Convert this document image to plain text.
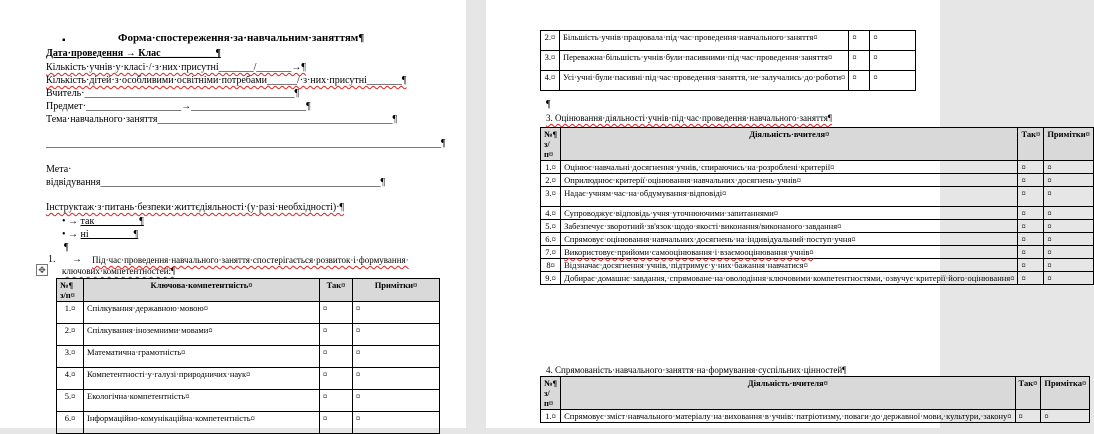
▪	Форма·спостереження·за·навчальним·заняттям¶
Дата·проведення → Клас___________¶
Кількість·учнів·у·класі·/·з·них·присутні_______/_______→¶
Кількість·дітей·з·особливими·освітніми·потребами______/·з·них·присутні_______¶
Вчитель·__________________________________________¶
Предмет·___________________→_______________________¶
Тема·навчального·заняття_______________________________________________¶
_______________________________________________________________________________¶
Мета·
відвідування________________________________________________________¶
Інструктаж·з·питань·безпеки·життєдіяльності·(у·разі·необхідності)·¶
• → так_________¶
• → ні_________¶
¶
1. → Під·час·проведення·навчального·заняття·спостерігається·розвиток·і·формування·
ключових·компетентностей:¶
✥
№¶ з/п¤	Ключова·компетентність¤	Так¤	Примітки¤
1.¤	Спілкування·державною·мовою¤	¤	¤
2.¤	Спілкування·іноземними·мовами¤	¤	¤
3.¤	Математична·грамотність¤	¤	¤
4.¤	Компетентності·у·галузі·природничих·наук¤	¤	¤
5.¤	Екологічна·компетентність¤	¤	¤
6.¤	Інформаційно-комунікаційна·компетентність¤	¤	¤
2.¤	Більшість·учнів·працювала·під·час·проведення·навчального·заняття¤	¤	¤
3.¤	Переважна·більшість·учнів·були·пасивними·під·час·проведення·заняття¤	¤	¤
4.¤	Усі·учні·були·пасивні·під·час·проведення·заняття,·не·залучались·до·роботи¤	¤	¤
¶
3. Оцінювання·діяльності·учнів·під·час·проведення·навчального·заняття¶
№¶ з/п¤	Діяльність·вчителя¤	Так¤	Примітки¤
1.¤	Оцінює·навчальні·досягнення·учнів,·спираючись·на·розроблені·критерії¤	¤	¤
2.¤	Оприлюднює·критерії·оцінювання·навчальних·досягнень·учнів¤	¤	¤
3.¤	Надає·учням·час·на·обдумування·відповіді¤	¤	¤
4.¤	Супроводжує·відповідь·учня·уточнюючими·запитаннями¤	¤	¤
5.¤	Забезпечує·зворотний·зв'язок·щодо·якості·виконання/виконаного·завдання¤	¤	¤
6.¤	Спрямовує·оцінювання·навчальних·досягнень·на·індивідуальний·поступ·учня¤	¤	¤
7.¤	Використовує·прийоми·самооцінювання·і·взаємооцінювання·учнів¤	¤	¤
8¤	Відзначає·досягнення·учнів,·підтримує·у·них·бажання·навчатися¤	¤	¤
9.¤	Добирає·домашнє·завдання,·спрямоване·на·оволодіння·ключовими·компетентностями,·озвучує·критерії·його·оцінювання¤	¤	¤
4. Спрямованість·навчального·заняття·на·формування·суспільних·цінностей¶
№¶ з/п¤	Діяльність·вчителя¤	Так¤	Примітка¤
1.¤	Спрямовує·зміст·навчального·матеріалу·на·виховання·в·учнів:·патріотизму,·поваги·до·державної·мови,·культури,·закону¤	¤	¤
